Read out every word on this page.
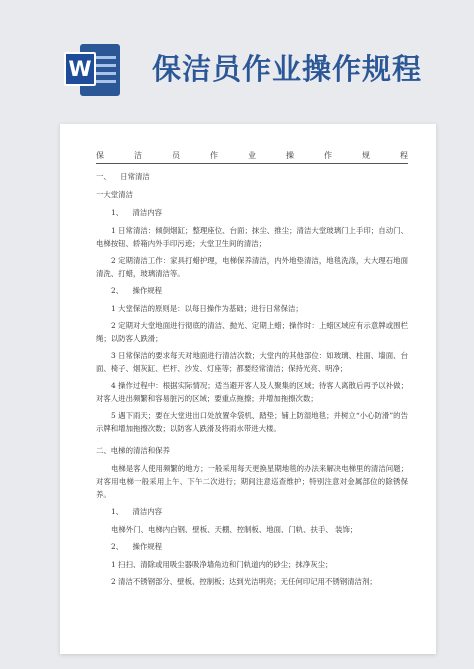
W 保洁员作业操作规程
保	洁	员	作	业	操	作	规	程
一、    日常清洁
一大堂清洁
1、    清洁内容
1 日常清洁：倾倒烟缸；整理座位、台面；抹尘、推尘；清洁大堂玻璃门上手印；自动门、电梯按钮、轿箱内外手印污迹；大堂卫生间的清洁；
2 定期清洁工作：家具打蜡护理，电梯保养清洁，内外地垫清洁，地毯洗涤，大大理石地面清洗、打蜡，玻璃清洁等。
2、    操作规程
1 大堂保洁的原则是：以每日操作为基础；进行日常保洁；
2 定期对大堂地面进行彻底的清洁、抛光、定期上蜡；操作时：上蜡区域应有示意牌或围栏绳；以防客人跌滑；
3 日常保洁的要求每天对地面进行清洁次数；大堂内的其他部位：如玻璃、柱面、墙面、台面、椅子、烟灰缸、栏杆、沙发、灯座等；都要经常清洁；保持光亮、明净；
4 操作过程中：根据实际情况；适当避开客人及人聚集的区域；待客人离散后再予以补做；对客人进出频繁和容易脏污的区域；要重点拖擦；并增加拖擦次数；
5 遇下雨天；要在大堂进出口处放置伞袋机、踏垫；铺上防湿地毯；并树立“小心防滑”的告示牌和增加拖擦次数；以防客人跌滑及将雨水带进大楼。
二、电梯的清洁和保养
电梯是客人使用频繁的地方；一般采用每天更换星期地毯的办法来解决电梯里的清洁问题；对客用电梯一般采用上午、下午二次进行；期间注意巡查维护；特别注意对金属部位的除锈保养。
1、    清洁内容
电梯外门、电梯内白钢、壁板、天棚、控制板、地面、门轨、扶手、 装饰；
2、    操作规程
1 扫扫、清除或用吸尘器吸净墙角边和门轨道内的砂尘；抹净灰尘；
2 清洁不锈钢部分、壁板、控制板；达到光洁明亮；无任何印记用不锈钢清洁剂；
